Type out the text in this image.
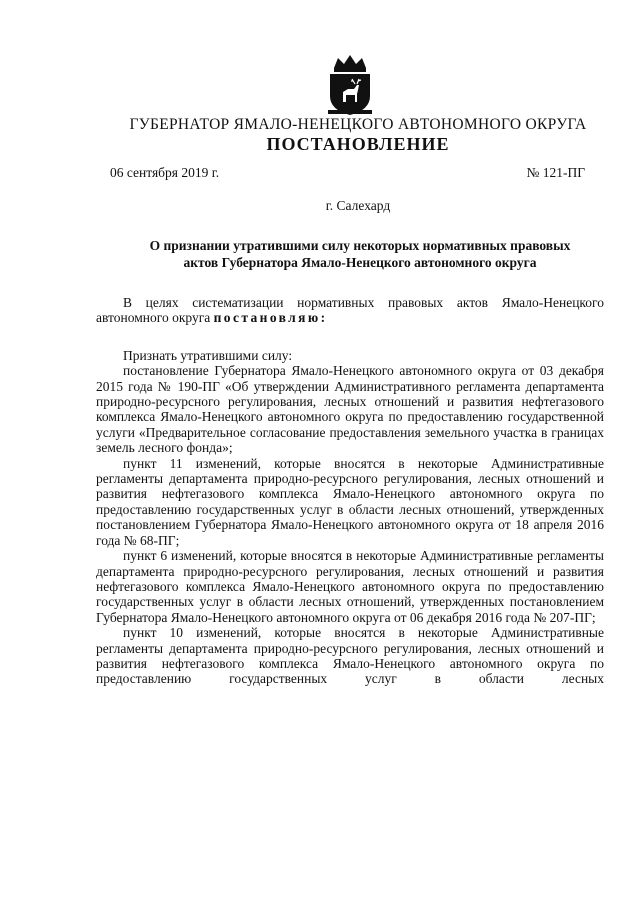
ГУБЕРНАТОР ЯМАЛО-НЕНЕЦКОГО АВТОНОМНОГО ОКРУГА
ПОСТАНОВЛЕНИЕ
06 сентября 2019 г.	№ 121-ПГ
г. Салехард
О признании утратившими силу некоторых нормативных правовых
актов Губернатора Ямало-Ненецкого автономного округа

В целях систематизации нормативных правовых актов Ямало-Ненецкого автономного округа постановляю:

Признать утратившими силу:

постановление Губернатора Ямало-Ненецкого автономного округа от 03 декабря 2015 года № 190-ПГ «Об утверждении Административного регламента департамента природно-ресурсного регулирования, лесных отношений и развития нефтегазового комплекса Ямало-Ненецкого автономного округа по предоставлению государственной услуги «Предварительное согласование предоставления земельного участка в границах земель лесного фонда»;

пункт 11 изменений, которые вносятся в некоторые Административные регламенты департамента природно-ресурсного регулирования, лесных отношений и развития нефтегазового комплекса Ямало-Ненецкого автономного округа по предоставлению государственных услуг в области лесных отношений, утвержденных постановлением Губернатора Ямало-Ненецкого автономного округа от 18 апреля 2016 года № 68-ПГ;

пункт 6 изменений, которые вносятся в некоторые Административные регламенты департамента природно-ресурсного регулирования, лесных отношений и развития нефтегазового комплекса Ямало-Ненецкого автономного округа по предоставлению государственных услуг в области лесных отношений, утвержденных постановлением Губернатора Ямало-Ненецкого автономного округа от 06 декабря 2016 года № 207-ПГ;

пункт 10 изменений, которые вносятся в некоторые Административные регламенты департамента природно-ресурсного регулирования, лесных отношений и развития нефтегазового комплекса Ямало-Ненецкого автономного округа по предоставлению государственных услуг в области лесных
